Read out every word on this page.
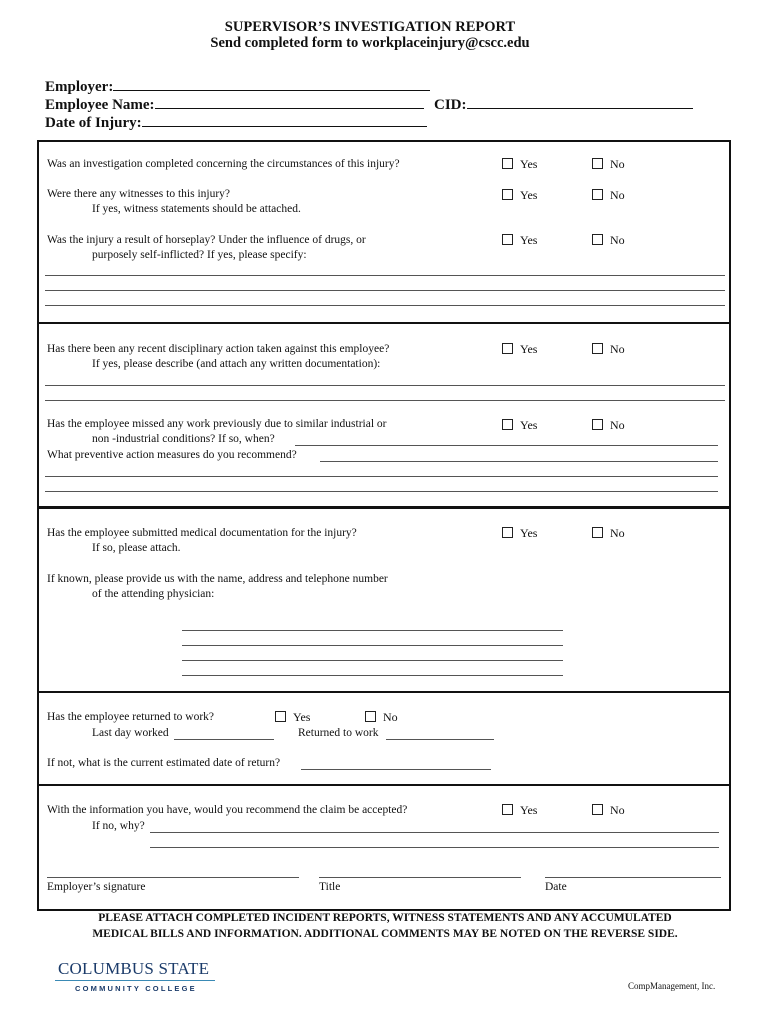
SUPERVISOR’S INVESTIGATION REPORT
Send completed form to workplaceinjury@cscc.edu
Employer:
Employee Name:	CID:
Date of Injury:
Was an investigation completed concerning the circumstances of this injury?	Yes	No
Were there any witnesses to this injury?
If yes, witness statements should be attached.
Yes	No
Was the injury a result of horseplay? Under the influence of drugs, or
purposely self-inflicted? If yes, please specify:
Yes	No
Has there been any recent disciplinary action taken against this employee?
If yes, please describe (and attach any written documentation):
Yes	No
Has the employee missed any work previously due to similar industrial or	Yes	No
non -industrial conditions? If so, when?
What preventive action measures do you recommend?
Has the employee submitted medical documentation for the injury?
If so, please attach.
Yes	No
If known, please provide us with the name, address and telephone number
of the attending physician:
Has the employee returned to work?	Yes	No
Last day worked	Returned to work
If not, what is the current estimated date of return?
With the information you have, would you recommend the claim be accepted?	Yes	No
If no, why?
Employer’s signature	Title	Date
PLEASE ATTACH COMPLETED INCIDENT REPORTS, WITNESS STATEMENTS AND ANY ACCUMULATED
MEDICAL BILLS AND INFORMATION. ADDITIONAL COMMENTS MAY BE NOTED ON THE REVERSE SIDE.
COLUMBUS STATE
COMMUNITY COLLEGE	CompManagement, Inc.
